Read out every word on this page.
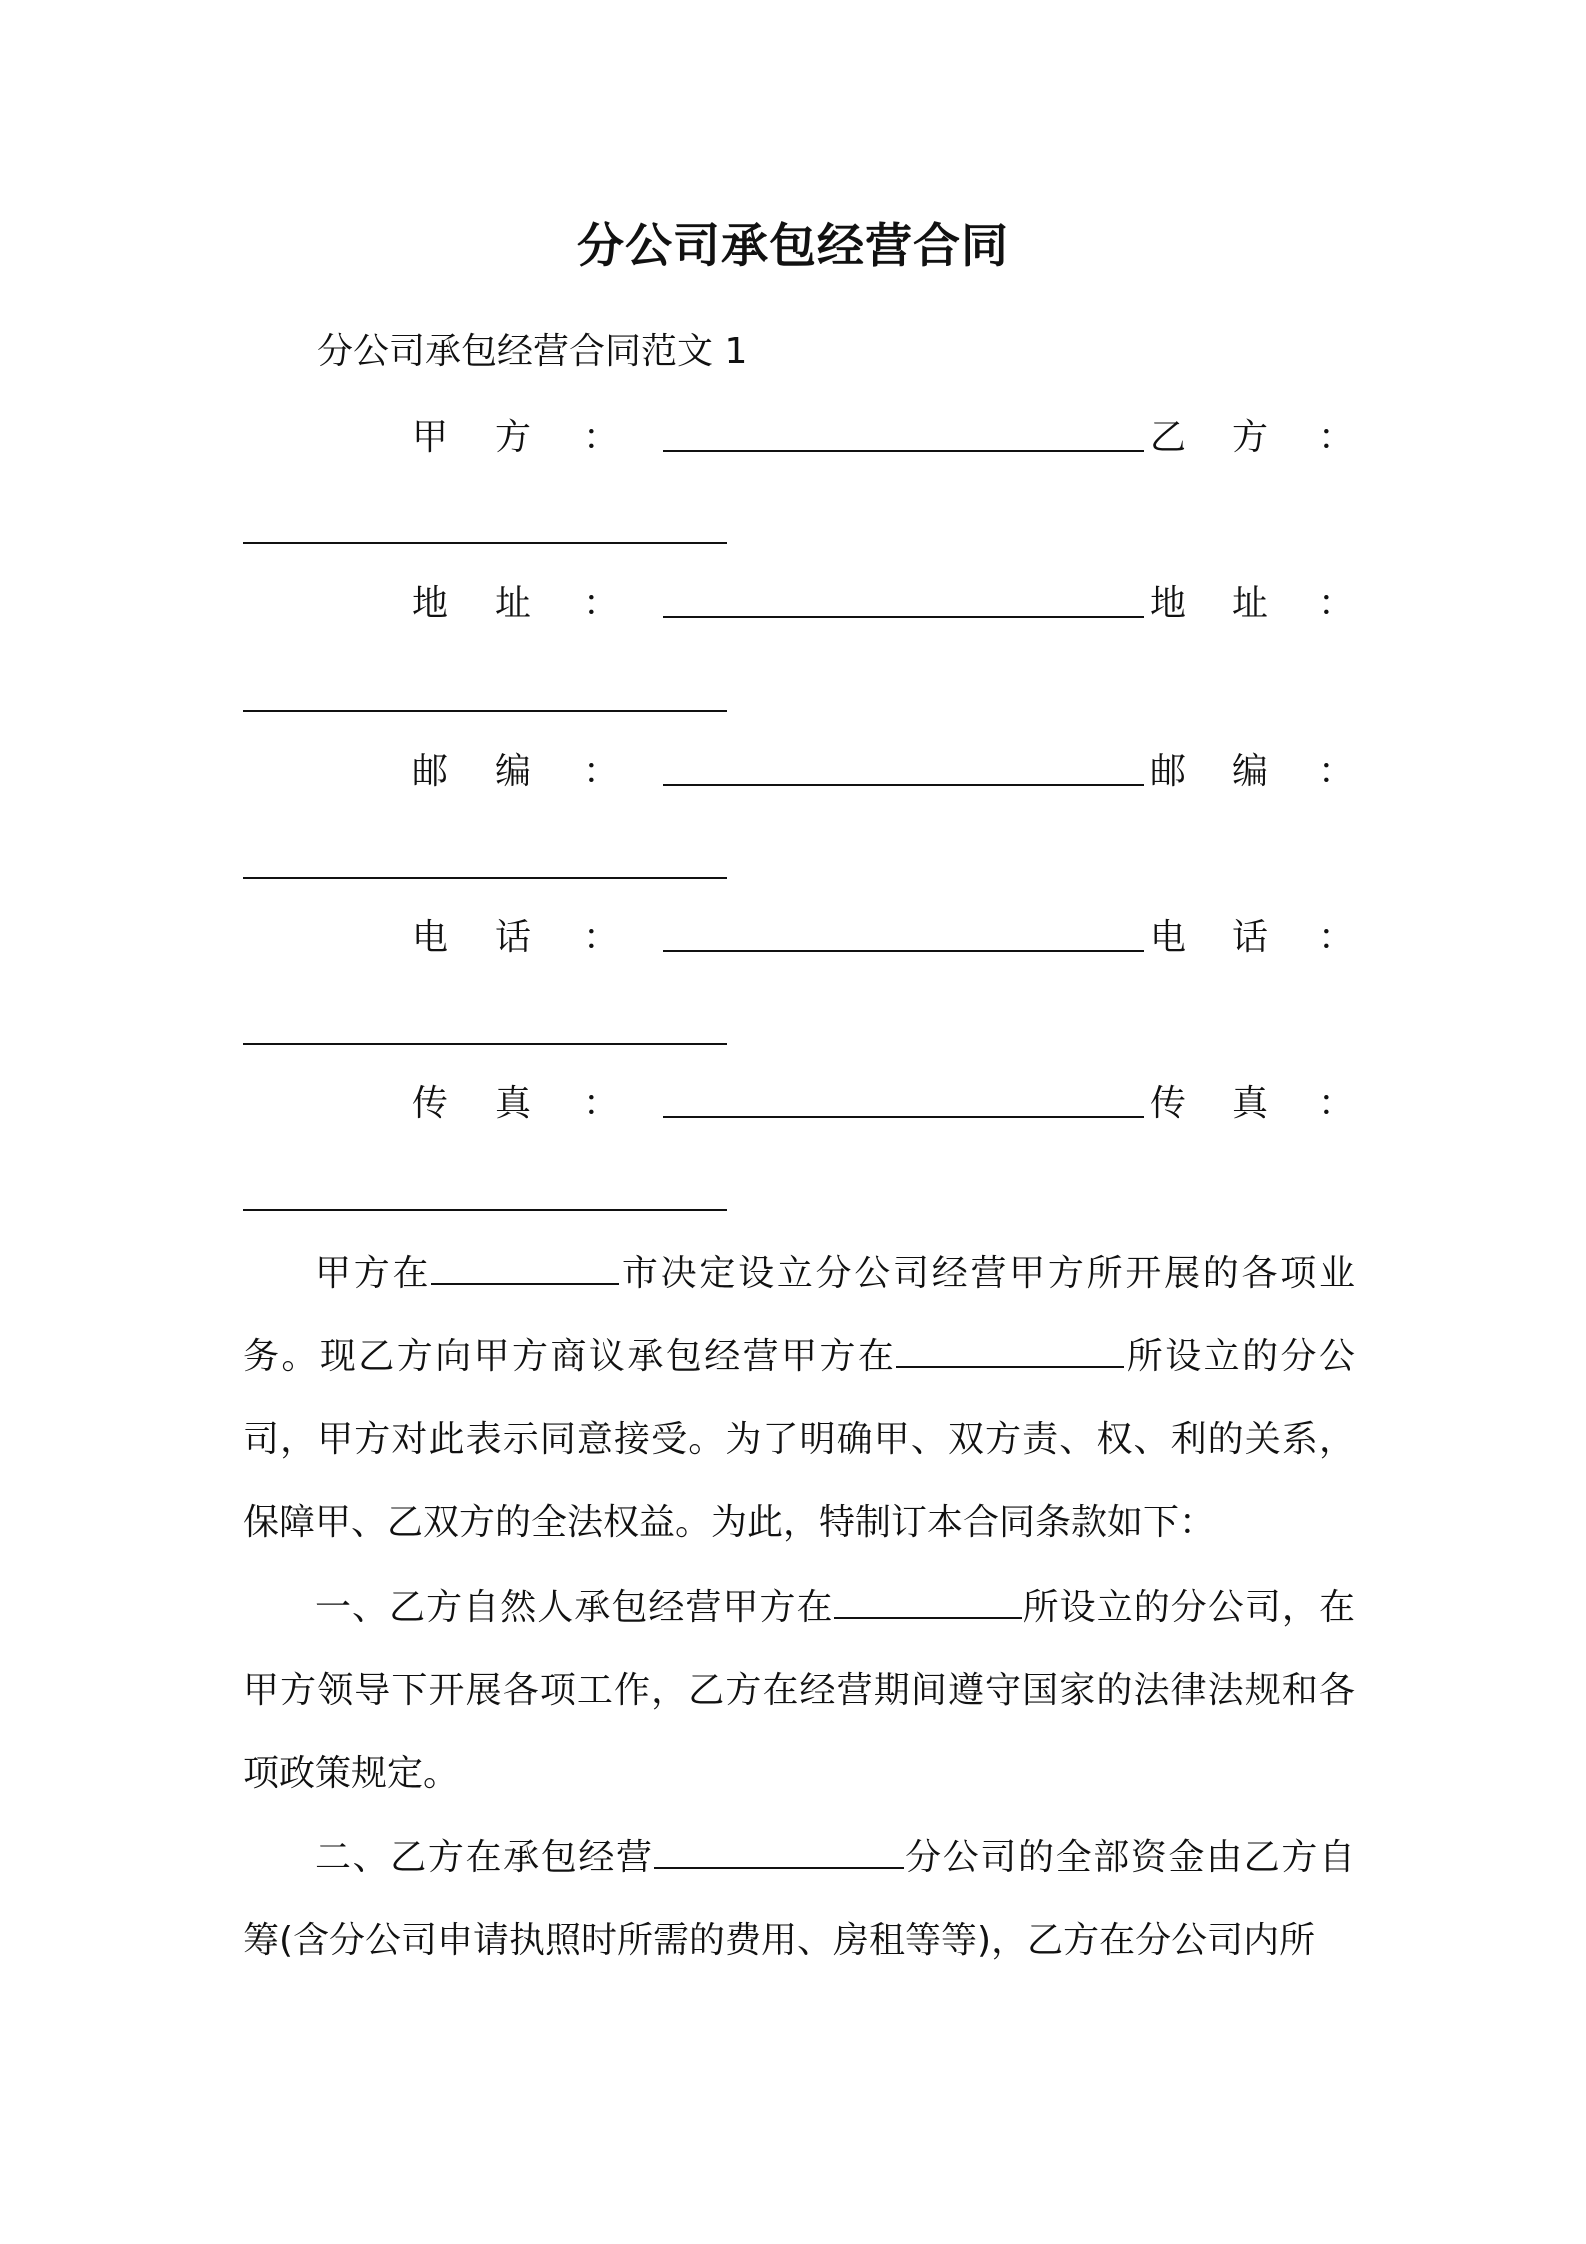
分公司承包经营合同
分公司承包经营合同范文 1
甲 方 ：	乙 方 ：
地 址 ：	地 址 ：
邮 编 ：	邮 编 ：
电 话 ：	电 话 ：
传 真 ：	传 真 ：
甲方在	市决定设立分公司经营甲方所开展的各项业务。现乙方向甲方商议承包经营甲方在	所设立的分公司，甲方对此表示同意接受。为了明确甲、双方责、权、利的关系，保障甲、乙双方的全法权益。为此，特制订本合同条款如下：
一、乙方自然人承包经营甲方在	所设立的分公司，在甲方领导下开展各项工作，乙方在经营期间遵守国家的法律法规和各项政策规定。
二、乙方在承包经营	分公司的全部资金由乙方自筹(含分公司申请执照时所需的费用、房租等等)，乙方在分公司内所
